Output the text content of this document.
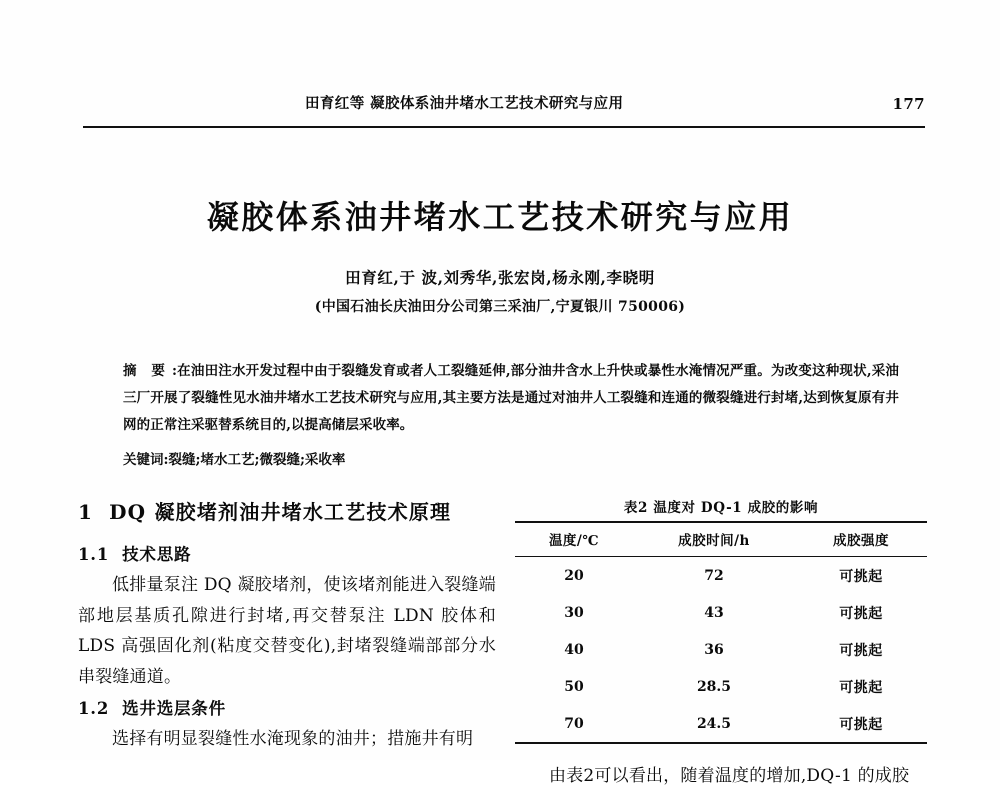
田育红等 凝胶体系油井堵水工艺技术研究与应用	177
凝胶体系油井堵水工艺技术研究与应用
田育红,于 波,刘秀华,张宏岗,杨永刚,李晓明
(中国石油长庆油田分公司第三采油厂,宁夏银川 750006)

摘 要 :在油田注水开发过程中由于裂缝发育或者人工裂缝延伸,部分油井含水上升快或暴性水淹情况严重。为改变这种现状,采油三厂开展了裂缝性见水油井堵水工艺技术研究与应用,其主要方法是通过对油井人工裂缝和连通的微裂缝进行封堵,达到恢复原有井网的正常注采驱替系统目的,以提高储层采收率。

关键词:裂缝;堵水工艺;微裂缝;采收率
1 DQ 凝胶堵剂油井堵水工艺技术原理
1.1 技术思路

低排量泵注 DQ 凝胶堵剂，使该堵剂能进入裂缝端部地层基质孔隙进行封堵,再交替泵注 LDN 胶体和 LDS 高强固化剂(粘度交替变化),封堵裂缝端部部分水串裂缝通道。

1.2 选井选层条件

选择有明显裂缝性水淹现象的油井；措施井有明

表2 温度对 DQ-1 成胶的影响
温度/℃	成胶时间/h	成胶强度
20	72	可挑起
30	43	可挑起
40	36	可挑起
50	28.5	可挑起
70	24.5	可挑起

由表2可以看出，随着温度的增加,DQ-1 的成胶
